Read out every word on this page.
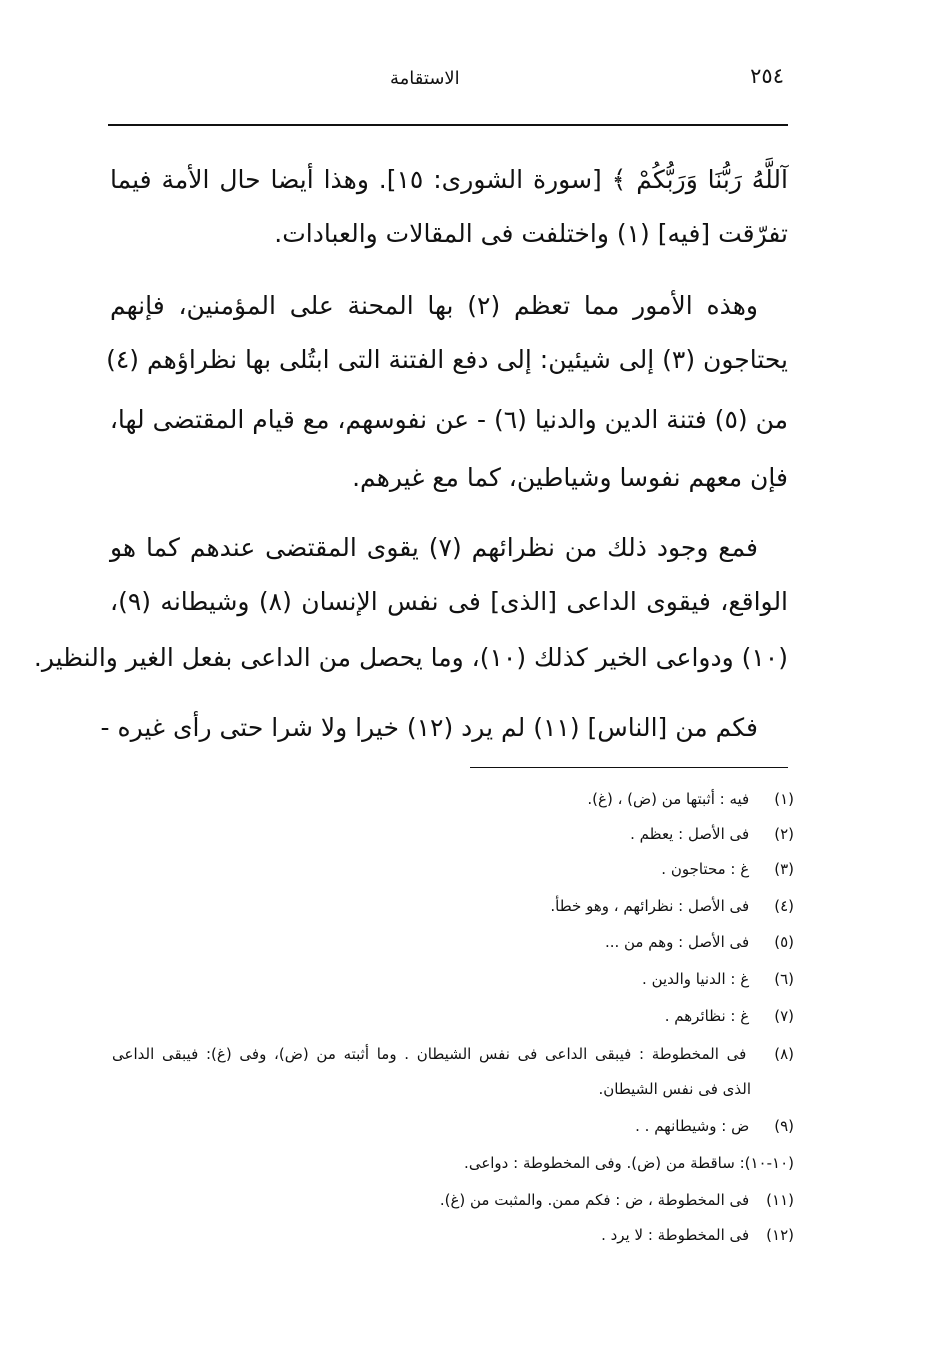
٢٥٤
الاستقامة
آللَّهُ رَبُّنَا وَرَبُّكُمْ ﴾ [سورة الشورى: ١٥]. وهذا أيضا حال الأمة فيما
تفرّقت [فيه] (١) واختلفت فى المقالات والعبادات.
وهذه الأمور مما تعظم (٢) بها المحنة على المؤمنين، فإنهم
يحتاجون (٣) إلى شيئين: إلى دفع الفتنة التى ابتُلى بها نظراؤهم (٤)
من (٥) فتنة الدين والدنيا (٦) - عن نفوسهم، مع قيام المقتضى لها،
فإن معهم نفوسا وشياطين، كما مع غيرهم.
فمع وجود ذلك من نظرائهم (٧) يقوى المقتضى عندهم كما هو
الواقع، فيقوى الداعى [الذى] فى نفس الإنسان (٨) وشيطانه (٩)،
(١٠) ودواعى الخير كذلك (١٠)، وما يحصل من الداعى بفعل الغير والنظير.
فكم من [الناس] (١١) لم يرد (١٢) خيرا ولا شرا حتى رأى غيره -
(١) فيه : أثبتها من (ض) ، (غ).
(٢) فى الأصل : يعظم .
(٣) غ : محتاجون .
(٤) فى الأصل : نظرائهم ، وهو خطأ.
(٥) فى الأصل : وهم من ...
(٦) غ : الدنيا والدين .
(٧) غ : نظائرهم .
(٨) فى المخطوطة : فيبقى الداعى فى نفس الشيطان . وما أثبته من (ض)، وفى (غ): فيبقى الداعى
الذى فى نفس الشيطان.
(٩) ض : وشيطانهم . .
(١٠-١٠): ساقطة من (ض). وفى المخطوطة : دواعى.
(١١) فى المخطوطة ، ض : فكم ممن. والمثبت من (غ).
(١٢) فى المخطوطة : لا يرد .
